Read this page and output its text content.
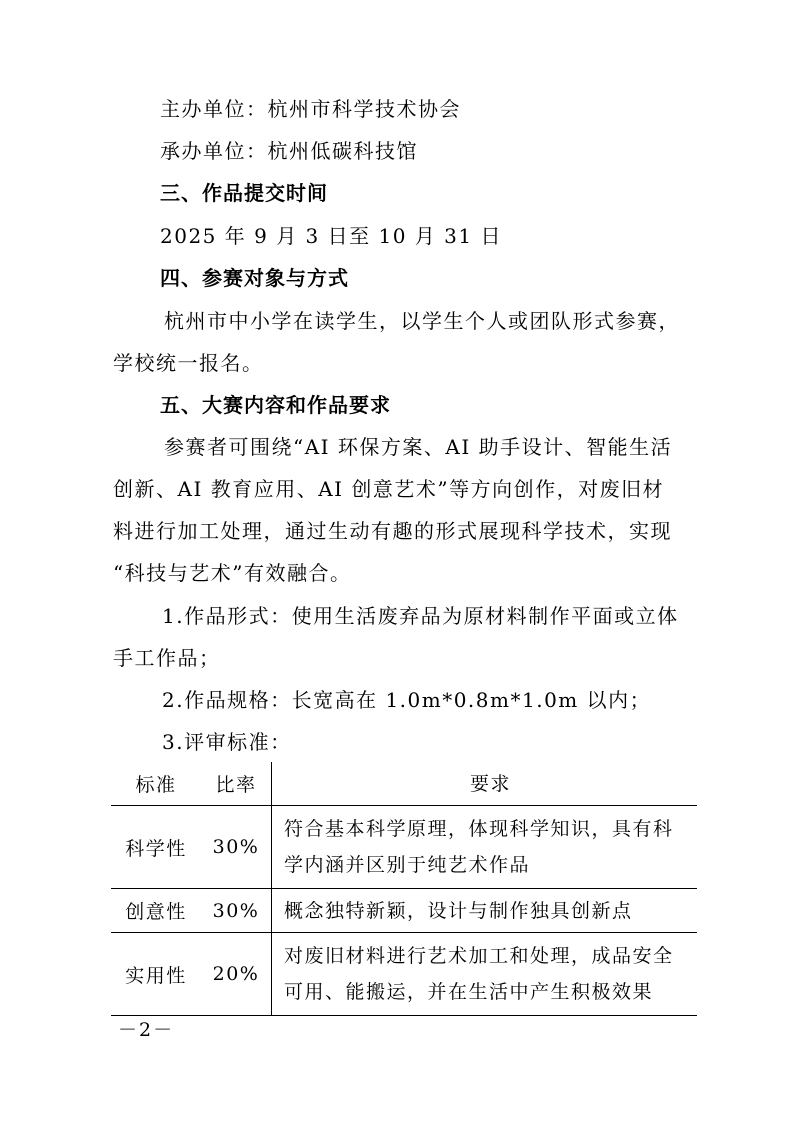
主办单位：杭州市科学技术协会
承办单位：杭州低碳科技馆
三、作品提交时间
2025 年 9 月 3 日至 10 月 31 日
四、参赛对象与方式
杭州市中小学在读学生，以学生个人或团队形式参赛，
学校统一报名。
五、大赛内容和作品要求
参赛者可围绕“AI 环保方案、AI 助手设计、智能生活
创新、AI 教育应用、AI 创意艺术”等方向创作，对废旧材
料进行加工处理，通过生动有趣的形式展现科学技术，实现
“科技与艺术”有效融合。
1.作品形式：使用生活废弃品为原材料制作平面或立体
手工作品；
2.作品规格：长宽高在 1.0m*0.8m*1.0m 以内；
3.评审标准：
标准	比率	要求
科学性	30%	符合基本科学原理，体现科学知识，具有科
学内涵并区别于纯艺术作品

创意性	30%	概念独特新颖，设计与制作独具创新点

实用性	20%	对废旧材料进行艺术加工和处理，成品安全
可用、能搬运，并在生活中产生积极效果
－2－
